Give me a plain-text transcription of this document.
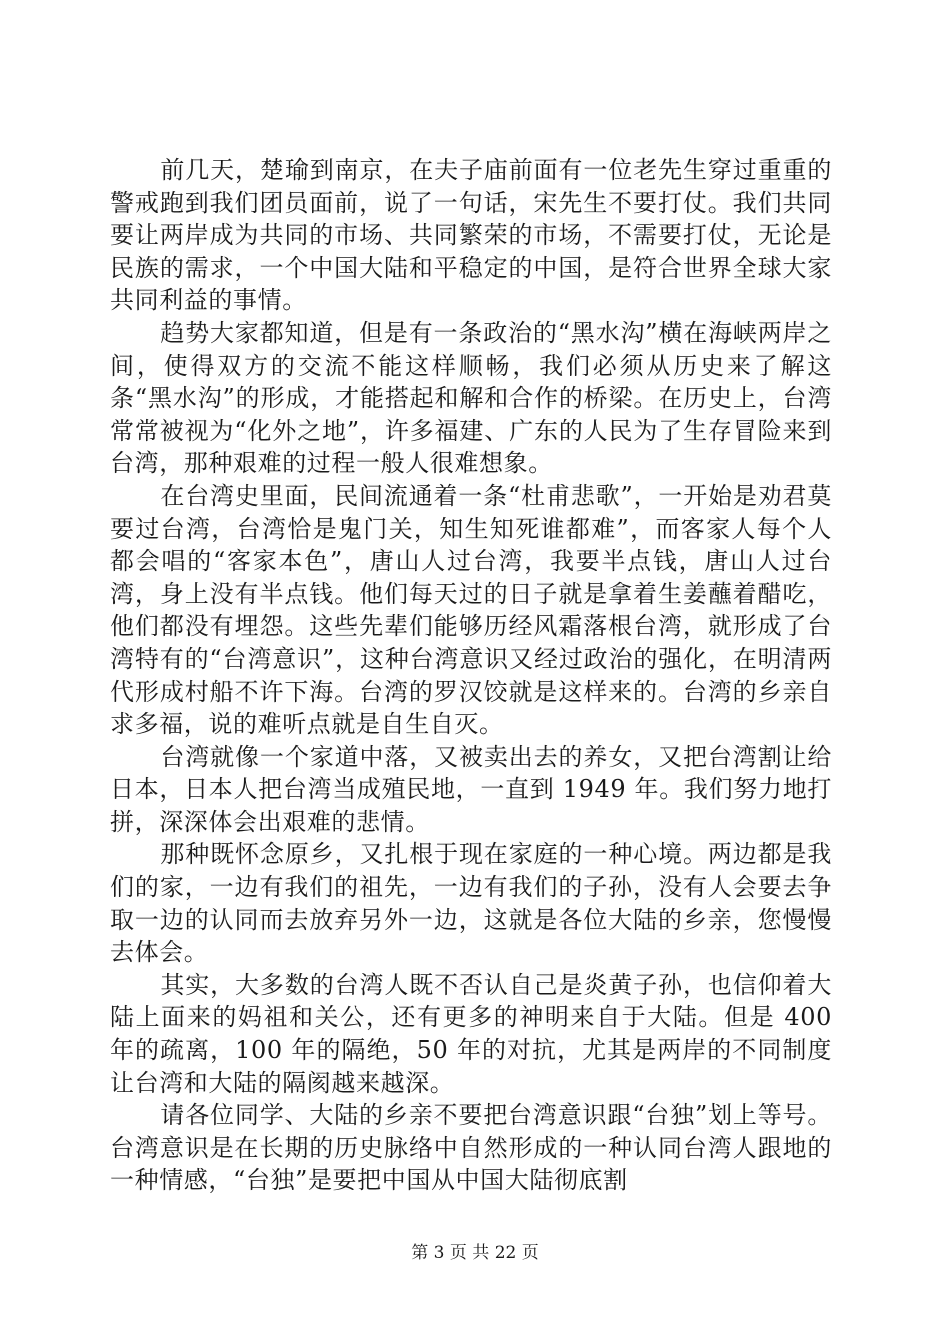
前几天，楚瑜到南京，在夫子庙前面有一位老先生穿过重重的警戒跑到我们团员面前，说了一句话，宋先生不要打仗。我们共同要让两岸成为共同的市场、共同繁荣的市场，不需要打仗，无论是民族的需求，一个中国大陆和平稳定的中国，是符合世界全球大家共同利益的事情。

趋势大家都知道，但是有一条政治的“黑水沟”横在海峡两岸之间，使得双方的交流不能这样顺畅，我们必须从历史来了解这条“黑水沟”的形成，才能搭起和解和合作的桥梁。在历史上，台湾常常被视为“化外之地”，许多福建、广东的人民为了生存冒险来到台湾，那种艰难的过程一般人很难想象。

在台湾史里面，民间流通着一条“杜甫悲歌”，一开始是劝君莫要过台湾，台湾恰是鬼门关，知生知死谁都难”，而客家人每个人都会唱的“客家本色”，唐山人过台湾，我要半点钱，唐山人过台湾，身上没有半点钱。他们每天过的日子就是拿着生姜蘸着醋吃，他们都没有埋怨。这些先辈们能够历经风霜落根台湾，就形成了台湾特有的“台湾意识”，这种台湾意识又经过政治的强化，在明清两代形成村船不许下海。台湾的罗汉饺就是这样来的。台湾的乡亲自求多福，说的难听点就是自生自灭。

台湾就像一个家道中落，又被卖出去的养女，又把台湾割让给日本，日本人把台湾当成殖民地，一直到 1949 年。我们努力地打拼，深深体会出艰难的悲情。

那种既怀念原乡，又扎根于现在家庭的一种心境。两边都是我们的家，一边有我们的祖先，一边有我们的子孙，没有人会要去争取一边的认同而去放弃另外一边，这就是各位大陆的乡亲，您慢慢去体会。

其实，大多数的台湾人既不否认自己是炎黄子孙，也信仰着大陆上面来的妈祖和关公，还有更多的神明来自于大陆。但是 400 年的疏离，100 年的隔绝，50 年的对抗，尤其是两岸的不同制度让台湾和大陆的隔阂越来越深。

请各位同学、大陆的乡亲不要把台湾意识跟“台独”划上等号。台湾意识是在长期的历史脉络中自然形成的一种认同台湾人跟地的一种情感，“台独”是要把中国从中国大陆彻底割

第 3 页 共 22 页
